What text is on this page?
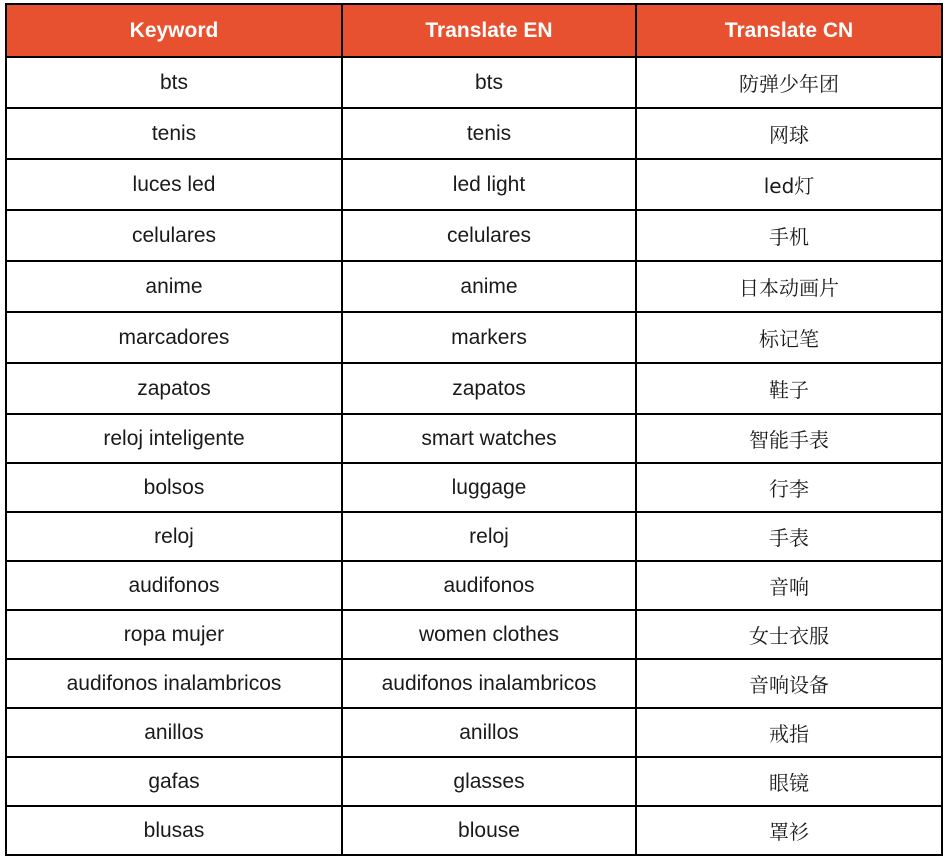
Keyword	Translate EN	Translate CN
bts	bts	防弹少年团
tenis	tenis	网球
luces led	led light	led灯
celulares	celulares	手机
anime	anime	日本动画片
marcadores	markers	标记笔
zapatos	zapatos	鞋子
reloj inteligente	smart watches	智能手表
bolsos	luggage	行李
reloj	reloj	手表
audifonos	audifonos	音响
ropa mujer	women clothes	女士衣服
audifonos inalambricos	audifonos inalambricos	音响设备
anillos	anillos	戒指
gafas	glasses	眼镜
blusas	blouse	罩衫
